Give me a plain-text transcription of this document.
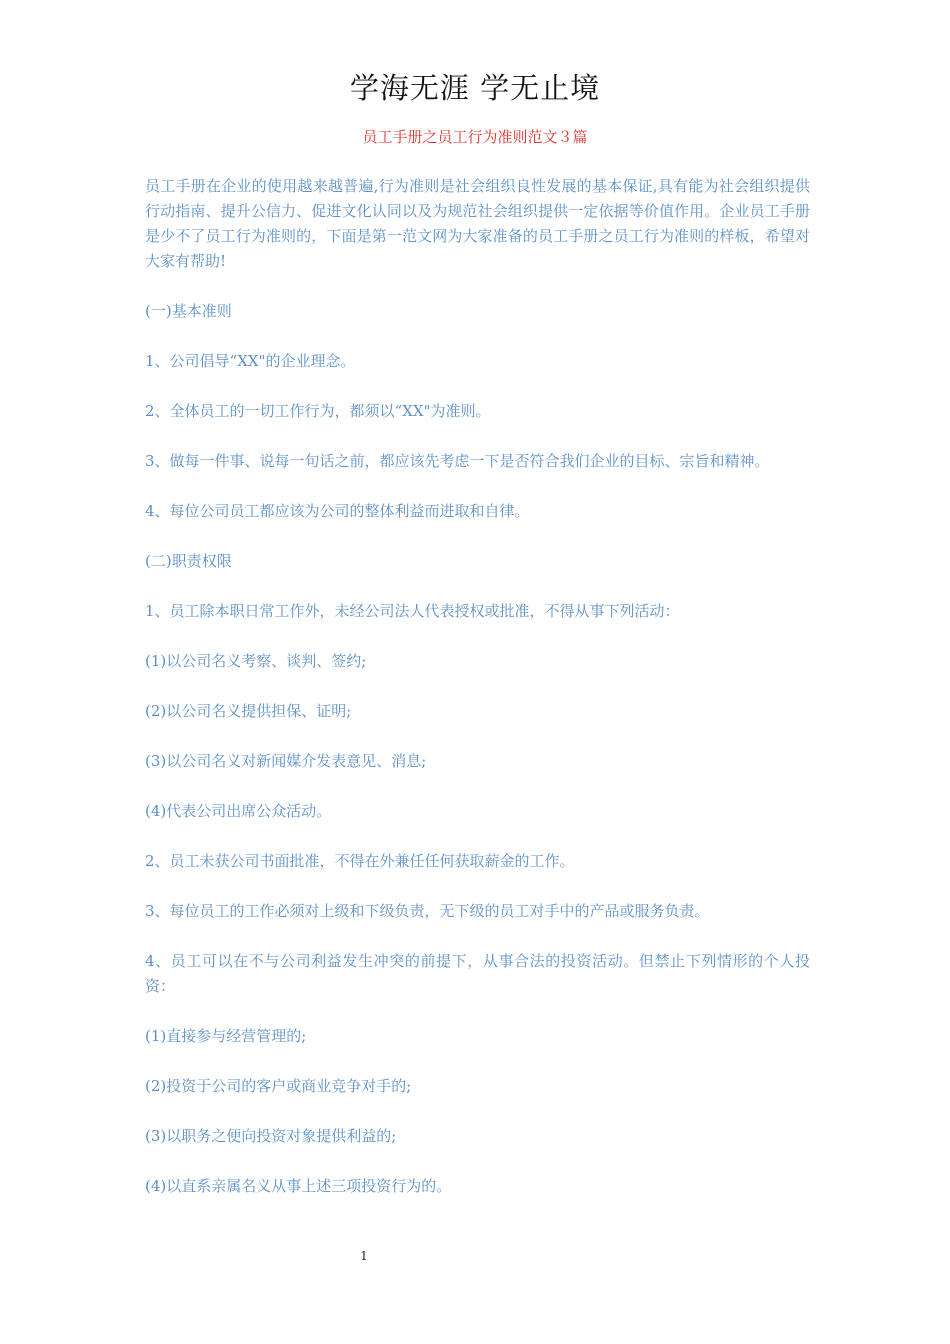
学海无涯 学无止境
员工手册之员工行为准则范文３篇

员工手册在企业的使用越来越普遍,行为准则是社会组织良性发展的基本保证,具有能为社会组织提供行动指南、提升公信力、促进文化认同以及为规范社会组织提供一定依据等价值作用。企业员工手册是少不了员工行为准则的，下面是第一范文网为大家准备的员工手册之员工行为准则的样板，希望对大家有帮助!

(一)基本准则

1、公司倡导“XX"的企业理念。

2、全体员工的一切工作行为，都须以“XX"为准则。

3、做每一件事、说每一句话之前，都应该先考虑一下是否符合我们企业的目标、宗旨和精神。

4、每位公司员工都应该为公司的整体利益而进取和自律。

(二)职责权限

1、员工除本职日常工作外，未经公司法人代表授权或批准，不得从事下列活动：

(1)以公司名义考察、谈判、签约;

(2)以公司名义提供担保、证明;

(3)以公司名义对新闻媒介发表意见、消息;

(4)代表公司出席公众活动。

2、员工未获公司书面批准，不得在外兼任任何获取薪金的工作。

3、每位员工的工作必须对上级和下级负责，无下级的员工对手中的产品或服务负责。

4、员工可以在不与公司利益发生冲突的前提下，从事合法的投资活动。但禁止下列情形的个人投资：

(1)直接参与经营管理的;

(2)投资于公司的客户或商业竞争对手的;

(3)以职务之便向投资对象提供利益的;

(4)以直系亲属名义从事上述三项投资行为的。

1
